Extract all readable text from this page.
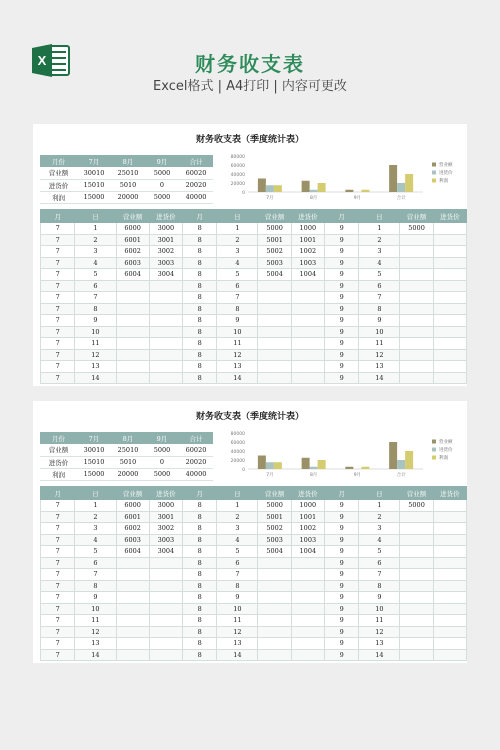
X	财务收支表
Excel格式 | A4打印 | 内容可更改
财务收支表（季度统计表）
月份	7月	8月	9月	合计
营业额	30010	25010	5000	60020
进货价	15010	5010	0	20020
利润	15000	20000	5000	40000
80000
60000
40000
20000
0
7月	8月	9月	合计
营业额
进货价
利润
月	日	营业额	进货价	月	日	营业额	进货价	月	日	营业额	进货价
7	1	6000	3000	8	1	5000	1000	9	1	5000	
7	2	6001	3001	8	2	5001	1001	9	2		
7	3	6002	3002	8	3	5002	1002	9	3		
7	4	6003	3003	8	4	5003	1003	9	4		
7	5	6004	3004	8	5	5004	1004	9	5		
7	6			8	6			9	6		
7	7			8	7			9	7		
7	8			8	8			9	8		
7	9			8	9			9	9		
7	10			8	10			9	10		
7	11			8	11			9	11		
7	12			8	12			9	12		
7	13			8	13			9	13		
7	14			8	14			9	14		
财务收支表（季度统计表）
月份	7月	8月	9月	合计
营业额	30010	25010	5000	60020
进货价	15010	5010	0	20020
利润	15000	20000	5000	40000
80000
60000
40000
20000
0
7月	8月	9月	合计
营业额
进货价
利润
月	日	营业额	进货价	月	日	营业额	进货价	月	日	营业额	进货价
7	1	6000	3000	8	1	5000	1000	9	1	5000	
7	2	6001	3001	8	2	5001	1001	9	2		
7	3	6002	3002	8	3	5002	1002	9	3		
7	4	6003	3003	8	4	5003	1003	9	4		
7	5	6004	3004	8	5	5004	1004	9	5		
7	6			8	6			9	6		
7	7			8	7			9	7		
7	8			8	8			9	8		
7	9			8	9			9	9		
7	10			8	10			9	10		
7	11			8	11			9	11		
7	12			8	12			9	12		
7	13			8	13			9	13		
7	14			8	14			9	14		
